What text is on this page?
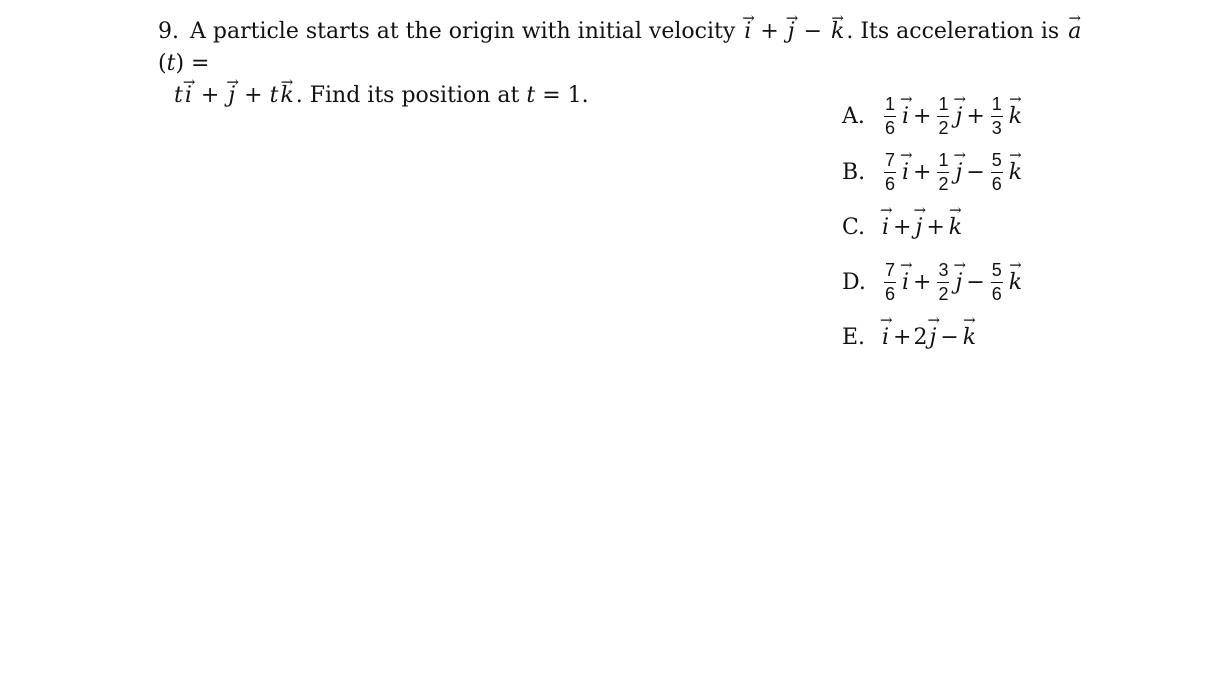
9. A particle starts at the origin with initial velocity → i + → j − → k. Its acceleration is → a(t) =
t→ i + → j + t→ k. Find its position at t = 1.
A.	$\frac{1}{6}$
→ $i + \frac{1}{2}$
→ $j + \frac{1}{3}$
→ k
B.	$\frac{7}{6}$
→ $i + \frac{1}{2}$
→ $j - \frac{5}{6}$
→ k
C.
→ i +→ j +→ k
D.	$\frac{7}{6}$
→ $i + \frac{3}{2}$
→ $j - \frac{5}{6}$
→ k
E.
→ i +2→ j −→ k
